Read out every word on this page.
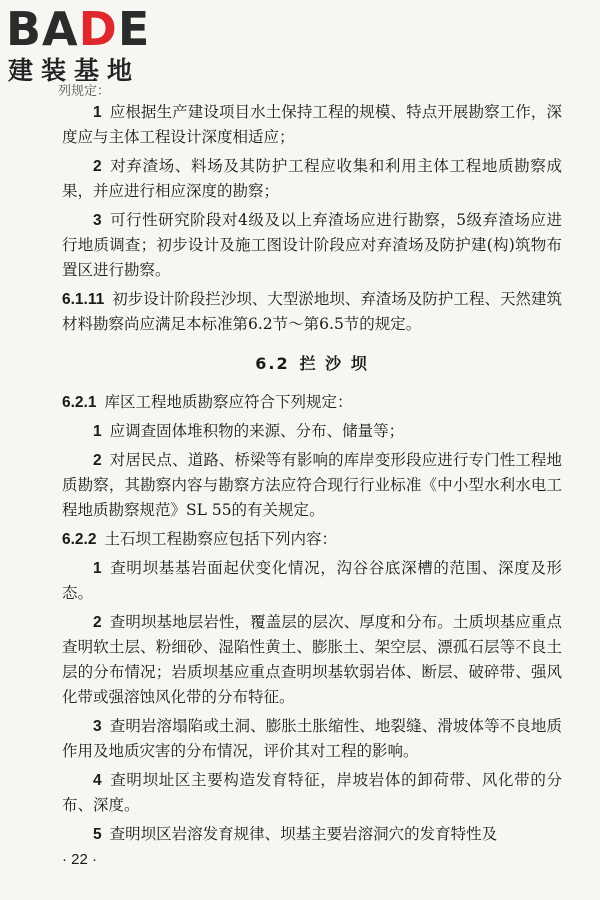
BADE
建装基地
列规定：

1 应根据生产建设项目水土保持工程的规模、特点开展勘察工作，深度应与主体工程设计深度相适应；

2 对弃渣场、料场及其防护工程应收集和利用主体工程地质勘察成果，并应进行相应深度的勘察；

3 可行性研究阶段对4级及以上弃渣场应进行勘察，5级弃渣场应进行地质调查；初步设计及施工图设计阶段应对弃渣场及防护建(构)筑物布置区进行勘察。

6.1.11 初步设计阶段拦沙坝、大型淤地坝、弃渣场及防护工程、天然建筑材料勘察尚应满足本标准第6.2节～第6.5节的规定。

6.2 拦 沙 坝

6.2.1 库区工程地质勘察应符合下列规定：

1 应调查固体堆积物的来源、分布、储量等；

2 对居民点、道路、桥梁等有影响的库岸变形段应进行专门性工程地质勘察，其勘察内容与勘察方法应符合现行行业标准《中小型水利水电工程地质勘察规范》SL 55的有关规定。

6.2.2 土石坝工程勘察应包括下列内容：

1 查明坝基基岩面起伏变化情况，沟谷谷底深槽的范围、深度及形态。

2 查明坝基地层岩性，覆盖层的层次、厚度和分布。土质坝基应重点查明软土层、粉细砂、湿陷性黄土、膨胀土、架空层、漂孤石层等不良土层的分布情况；岩质坝基应重点查明坝基软弱岩体、断层、破碎带、强风化带或强溶蚀风化带的分布特征。

3 查明岩溶塌陷或土洞、膨胀土胀缩性、地裂缝、滑坡体等不良地质作用及地质灾害的分布情况，评价其对工程的影响。

4 查明坝址区主要构造发育特征，岸坡岩体的卸荷带、风化带的分布、深度。

5 查明坝区岩溶发育规律、坝基主要岩溶洞穴的发育特性及

· 22 ·
